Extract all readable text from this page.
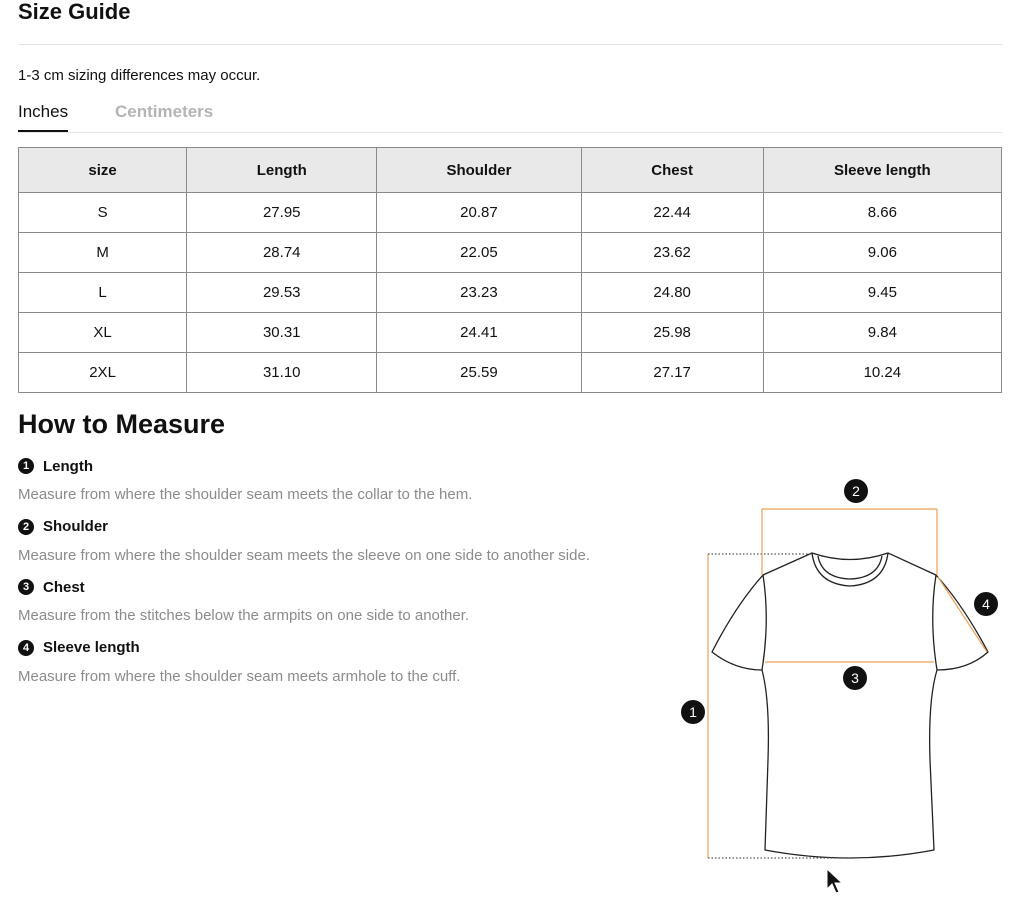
Size Guide
1-3 cm sizing differences may occur.
Inches	Centimeters
size	Length	Shoulder	Chest	Sleeve length
S	27.95	20.87	22.44	8.66
M	28.74	22.05	23.62	9.06
L	29.53	23.23	24.80	9.45
XL	30.31	24.41	25.98	9.84
2XL	31.10	25.59	27.17	10.24
How to Measure
1 Length
Measure from where the shoulder seam meets the collar to the hem.
2 Shoulder
Measure from where the shoulder seam meets the sleeve on one side to another side.
3 Chest
Measure from the stitches below the armpits on one side to another.
4 Sleeve length
Measure from where the shoulder seam meets armhole to the cuff.
1
2
3
4
